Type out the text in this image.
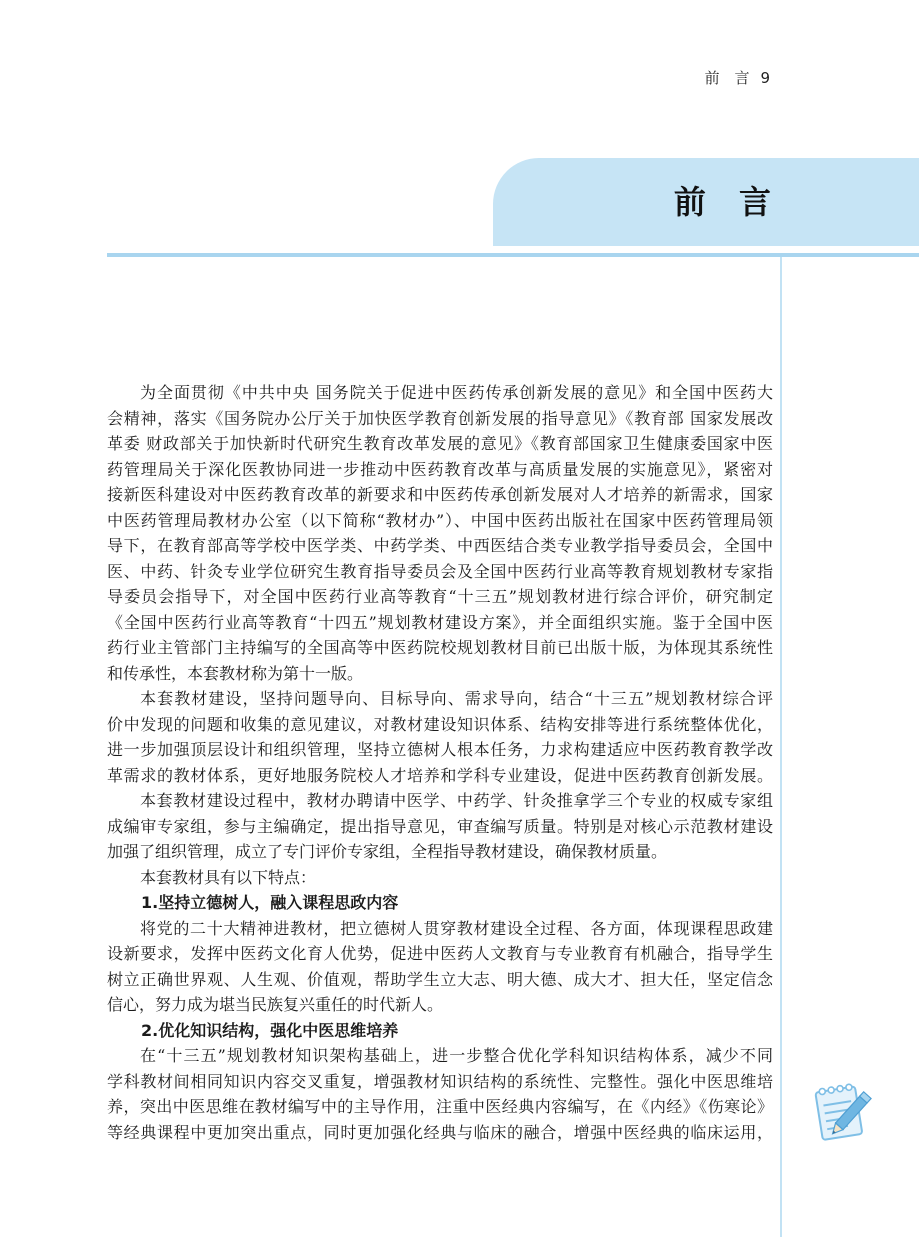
前 言 9
前 言
为全面贯彻《中共中央 国务院关于促进中医药传承创新发展的意见》和全国中医药大
会精神，落实《国务院办公厅关于加快医学教育创新发展的指导意见》《教育部 国家发展改
革委 财政部关于加快新时代研究生教育改革发展的意见》《教育部国家卫生健康委国家中医
药管理局关于深化医教协同进一步推动中医药教育改革与高质量发展的实施意见》，紧密对
接新医科建设对中医药教育改革的新要求和中医药传承创新发展对人才培养的新需求，国家
中医药管理局教材办公室（以下简称“教材办”）、中国中医药出版社在国家中医药管理局领
导下，在教育部高等学校中医学类、中药学类、中西医结合类专业教学指导委员会，全国中
医、中药、针灸专业学位研究生教育指导委员会及全国中医药行业高等教育规划教材专家指
导委员会指导下，对全国中医药行业高等教育“十三五”规划教材进行综合评价，研究制定
《全国中医药行业高等教育“十四五”规划教材建设方案》，并全面组织实施。鉴于全国中医
药行业主管部门主持编写的全国高等中医药院校规划教材目前已出版十版，为体现其系统性
和传承性，本套教材称为第十一版。
本套教材建设，坚持问题导向、目标导向、需求导向，结合“十三五”规划教材综合评
价中发现的问题和收集的意见建议，对教材建设知识体系、结构安排等进行系统整体优化，
进一步加强顶层设计和组织管理，坚持立德树人根本任务，力求构建适应中医药教育教学改
革需求的教材体系，更好地服务院校人才培养和学科专业建设，促进中医药教育创新发展。
本套教材建设过程中，教材办聘请中医学、中药学、针灸推拿学三个专业的权威专家组
成编审专家组，参与主编确定，提出指导意见，审查编写质量。特别是对核心示范教材建设
加强了组织管理，成立了专门评价专家组，全程指导教材建设，确保教材质量。
本套教材具有以下特点：
1.坚持立德树人，融入课程思政内容
将党的二十大精神进教材，把立德树人贯穿教材建设全过程、各方面，体现课程思政建
设新要求，发挥中医药文化育人优势，促进中医药人文教育与专业教育有机融合，指导学生
树立正确世界观、人生观、价值观，帮助学生立大志、明大德、成大才、担大任，坚定信念
信心，努力成为堪当民族复兴重任的时代新人。
2.优化知识结构，强化中医思维培养
在“十三五”规划教材知识架构基础上，进一步整合优化学科知识结构体系，减少不同
学科教材间相同知识内容交叉重复，增强教材知识结构的系统性、完整性。强化中医思维培
养，突出中医思维在教材编写中的主导作用，注重中医经典内容编写，在《内经》《伤寒论》
等经典课程中更加突出重点，同时更加强化经典与临床的融合，增强中医经典的临床运用，
